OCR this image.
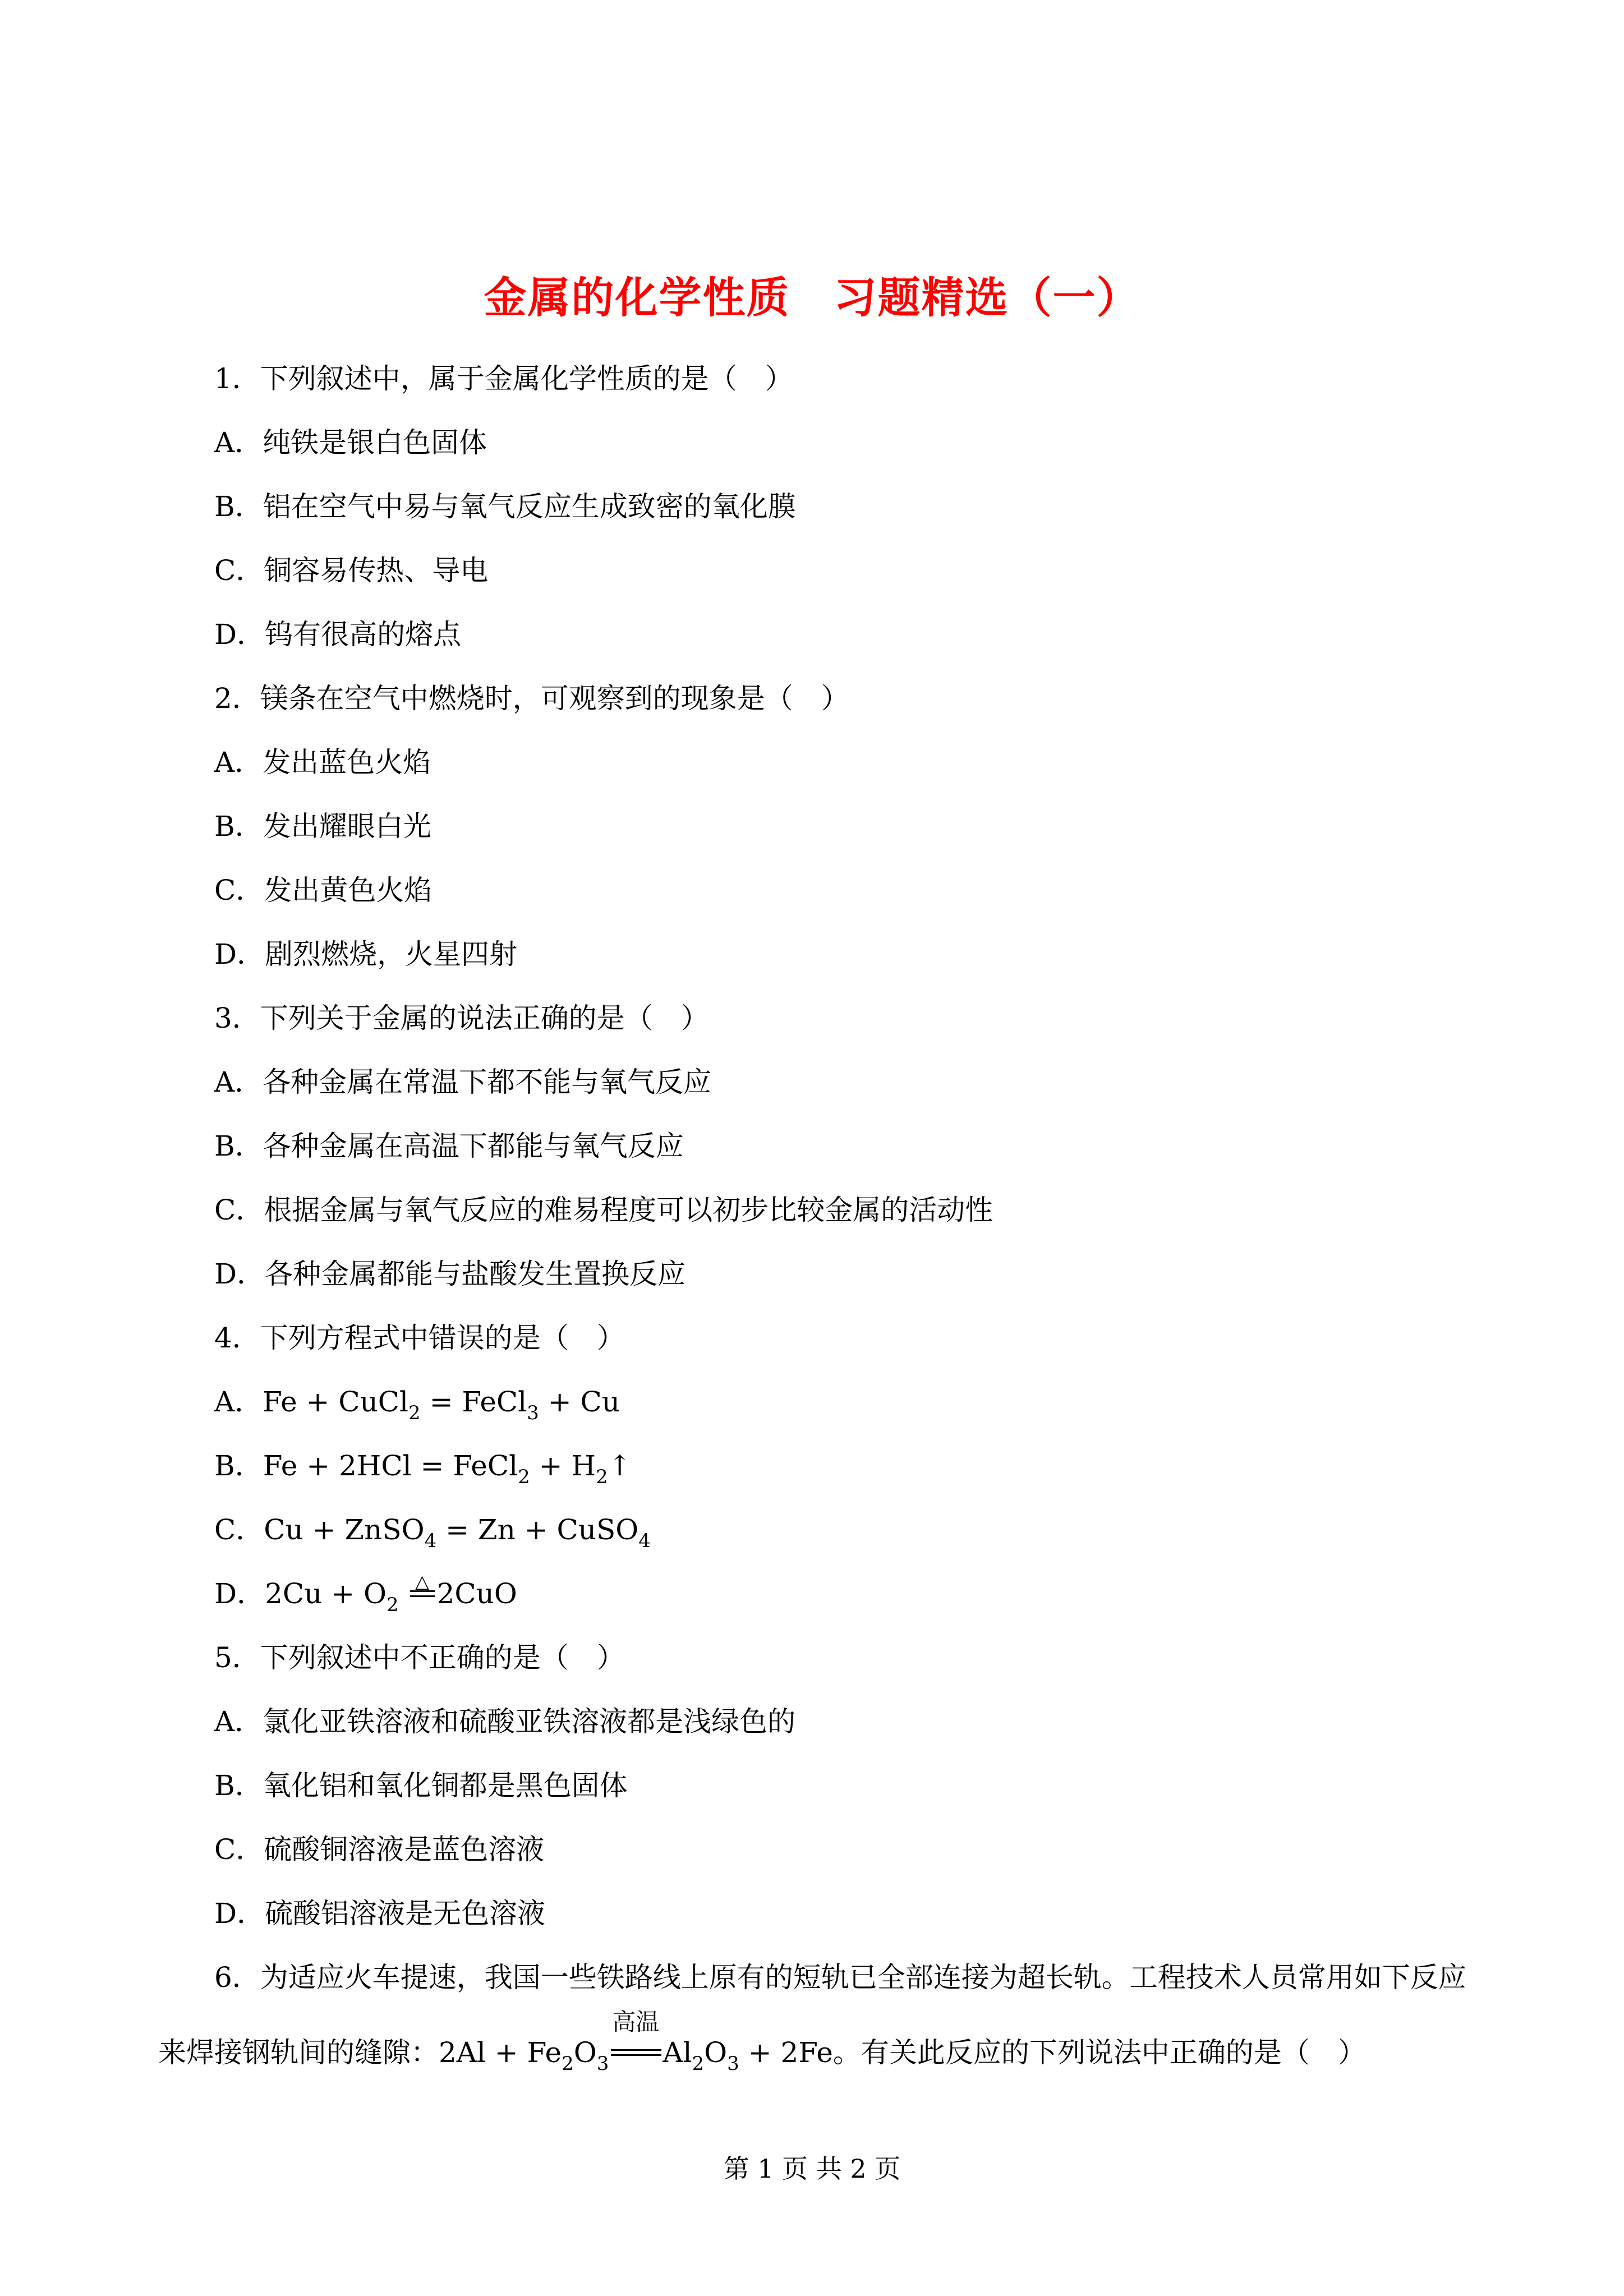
金属的化学性质　习题精选（一）
1．下列叙述中，属于金属化学性质的是（　）
A．纯铁是银白色固体
B．铝在空气中易与氧气反应生成致密的氧化膜
C．铜容易传热、导电
D．钨有很高的熔点
2．镁条在空气中燃烧时，可观察到的现象是（　）
A．发出蓝色火焰
B．发出耀眼白光
C．发出黄色火焰
D．剧烈燃烧，火星四射
3．下列关于金属的说法正确的是（　）
A．各种金属在常温下都不能与氧气反应
B．各种金属在高温下都能与氧气反应
C．根据金属与氧气反应的难易程度可以初步比较金属的活动性
D．各种金属都能与盐酸发生置换反应
4．下列方程式中错误的是（　）
A．Fe + CuCl$_2$ = FeCl$_3$ + Cu
B．Fe + 2HCl = FeCl$_2$ + $H_2↑$
C．Cu + ZnSO$_4$ = Zn + CuSO$_4$
D．$2Cu + O_2$
△ 2CuO
5．下列叙述中不正确的是（　）
A．氯化亚铁溶液和硫酸亚铁溶液都是浅绿色的
B．氧化铝和氧化铜都是黑色固体
C．硫酸铜溶液是蓝色溶液
D．硫酸铝溶液是无色溶液
6．为适应火车提速，我国一些铁路线上原有的短轨已全部连接为超长轨。工程技术人员常用如下反应
来焊接钢轨间的缝隙：$2Al + Fe_2O_3$
高温
$Al_2O_3 + 2Fe$。有关此反应的下列说法中正确的是（　）
第 1 页 共 2 页
